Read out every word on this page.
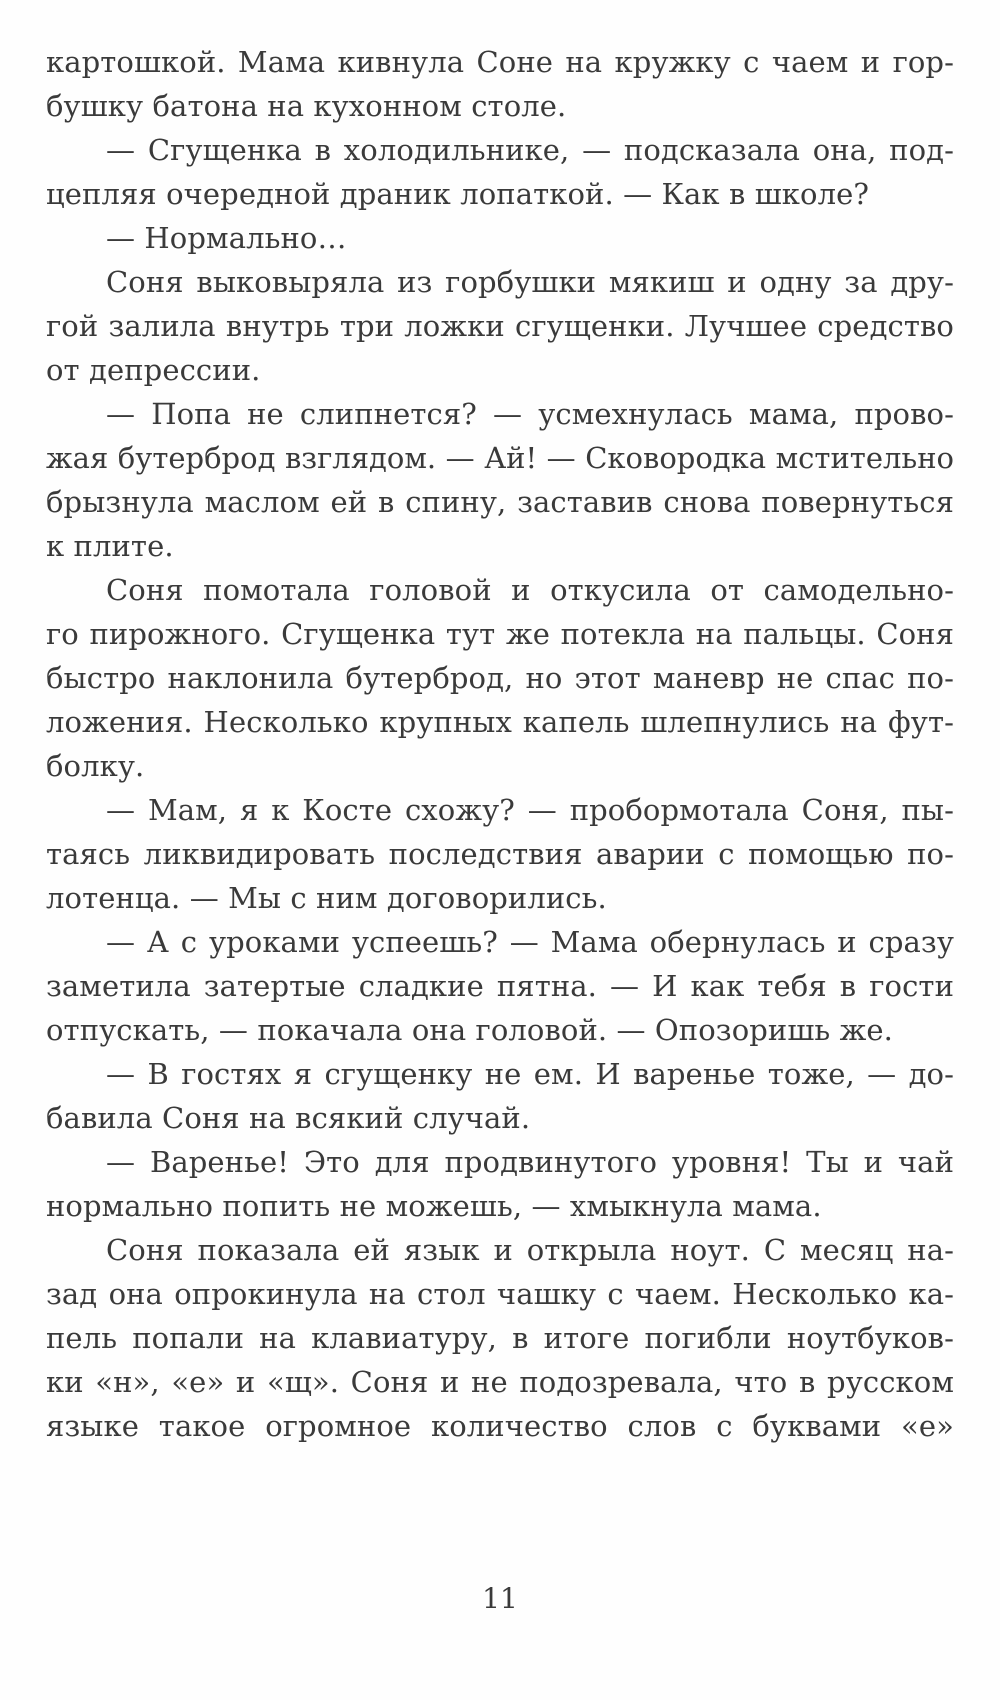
картошкой. Мама кивнула Соне на кружку с чаем и гор-
бушку батона на кухонном столе.
— Сгущенка в холодильнике, — подсказала она, под-
цепляя очередной драник лопаткой. — Как в школе?
— Нормально…
Соня выковыряла из горбушки мякиш и одну за дру-
гой залила внутрь три ложки сгущенки. Лучшее средство
от депрессии.
— Попа не слипнется? — усмехнулась мама, прово-
жая бутерброд взглядом. — Ай! — Сковородка мстительно
брызнула маслом ей в спину, заставив снова повернуться
к плите.
Соня помотала головой и откусила от самодельно-
го пирожного. Сгущенка тут же потекла на пальцы. Соня
быстро наклонила бутерброд, но этот маневр не спас по-
ложения. Несколько крупных капель шлепнулись на фут-
болку.
— Мам, я к Косте схожу? — пробормотала Соня, пы-
таясь ликвидировать последствия аварии с помощью по-
лотенца. — Мы с ним договорились.
— А с уроками успеешь? — Мама обернулась и сразу
заметила затертые сладкие пятна. — И как тебя в гости
отпускать, — покачала она головой. — Опозоришь же.
— В гостях я сгущенку не ем. И варенье тоже, — до-
бавила Соня на всякий случай.
— Варенье! Это для продвинутого уровня! Ты и чай
нормально попить не можешь, — хмыкнула мама.
Соня показала ей язык и открыла ноут. С месяц на-
зад она опрокинула на стол чашку с чаем. Несколько ка-
пель попали на клавиатуру, в итоге погибли ноутбуков-
ки «н», «е» и «щ». Соня и не подозревала, что в русском
языке такое огромное количество слов с буквами «е»
11
